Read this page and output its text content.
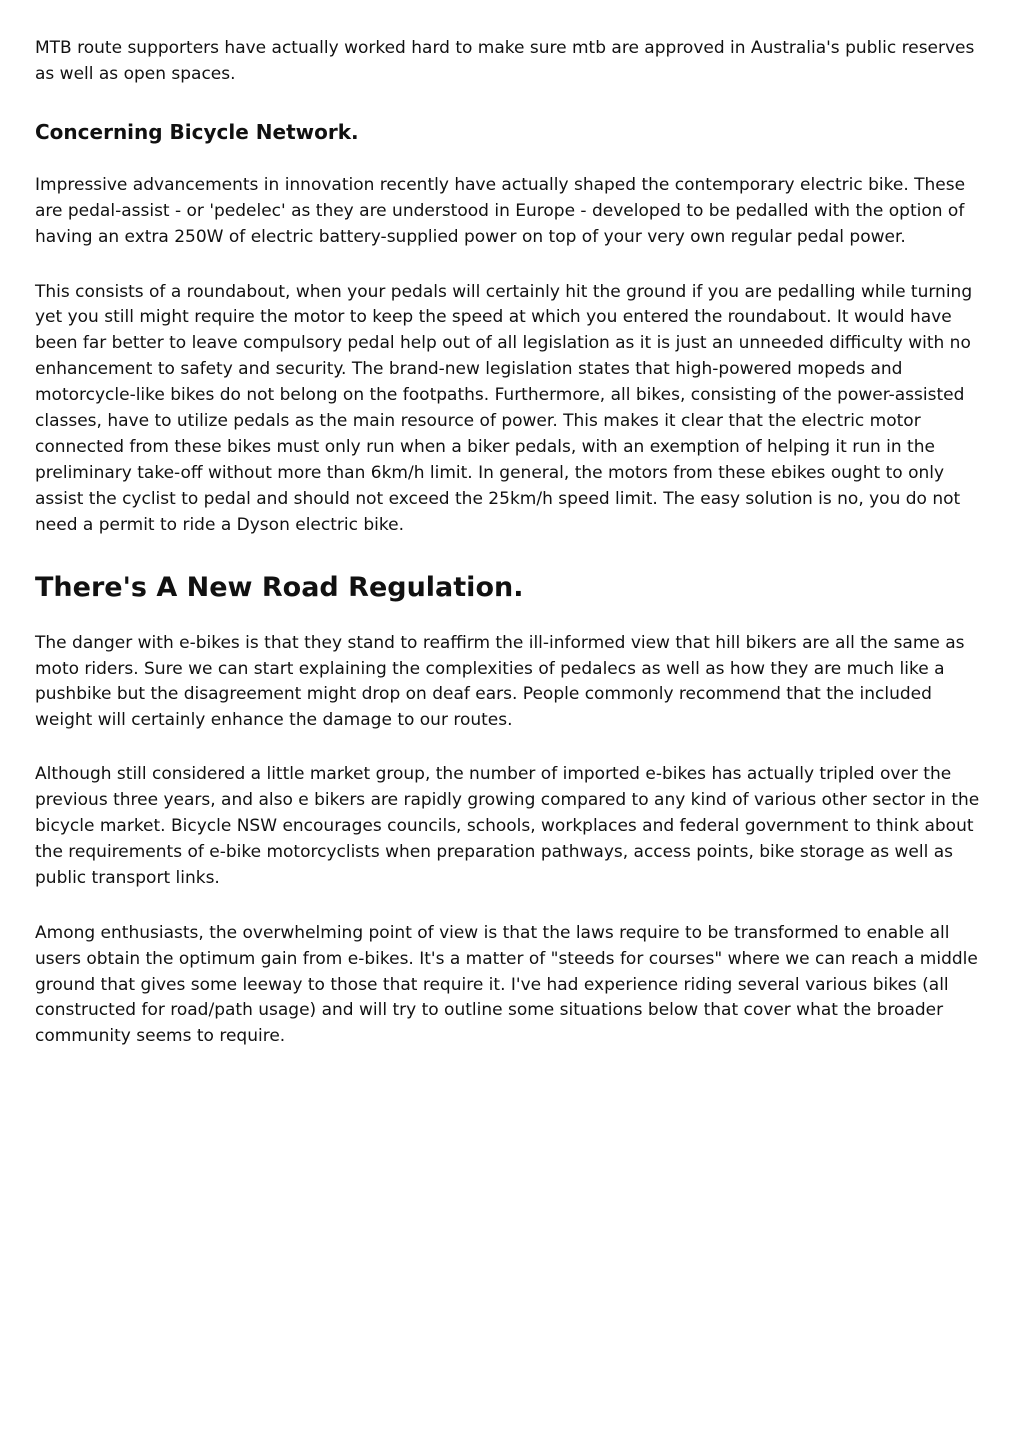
MTB route supporters have actually worked hard to make sure mtb are approved in Australia's public reserves as well as open spaces.

Concerning Bicycle Network.

Impressive advancements in innovation recently have actually shaped the contemporary electric bike. These are pedal-assist - or 'pedelec' as they are understood in Europe - developed to be pedalled with the option of having an extra 250W of electric battery-supplied power on top of your very own regular pedal power.

This consists of a roundabout, when your pedals will certainly hit the ground if you are pedalling while turning yet you still might require the motor to keep the speed at which you entered the roundabout. It would have been far better to leave compulsory pedal help out of all legislation as it is just an unneeded difficulty with no enhancement to safety and security. The brand-new legislation states that high-powered mopeds and motorcycle-like bikes do not belong on the footpaths. Furthermore, all bikes, consisting of the power-assisted classes, have to utilize pedals as the main resource of power. This makes it clear that the electric motor connected from these bikes must only run when a biker pedals, with an exemption of helping it run in the preliminary take-off without more than 6km/h limit. In general, the motors from these ebikes ought to only assist the cyclist to pedal and should not exceed the 25km/h speed limit. The easy solution is no, you do not need a permit to ride a Dyson electric bike.

There's A New Road Regulation.

The danger with e-bikes is that they stand to reaffirm the ill-informed view that hill bikers are all the same as moto riders. Sure we can start explaining the complexities of pedalecs as well as how they are much like a pushbike but the disagreement might drop on deaf ears. People commonly recommend that the included weight will certainly enhance the damage to our routes.

Although still considered a little market group, the number of imported e-bikes has actually tripled over the previous three years, and also e bikers are rapidly growing compared to any kind of various other sector in the bicycle market. Bicycle NSW encourages councils, schools, workplaces and federal government to think about the requirements of e-bike motorcyclists when preparation pathways, access points, bike storage as well as public transport links.

Among enthusiasts, the overwhelming point of view is that the laws require to be transformed to enable all users obtain the optimum gain from e-bikes. It's a matter of "steeds for courses" where we can reach a middle ground that gives some leeway to those that require it. I've had experience riding several various bikes (all constructed for road/path usage) and will try to outline some situations below that cover what the broader community seems to require.
